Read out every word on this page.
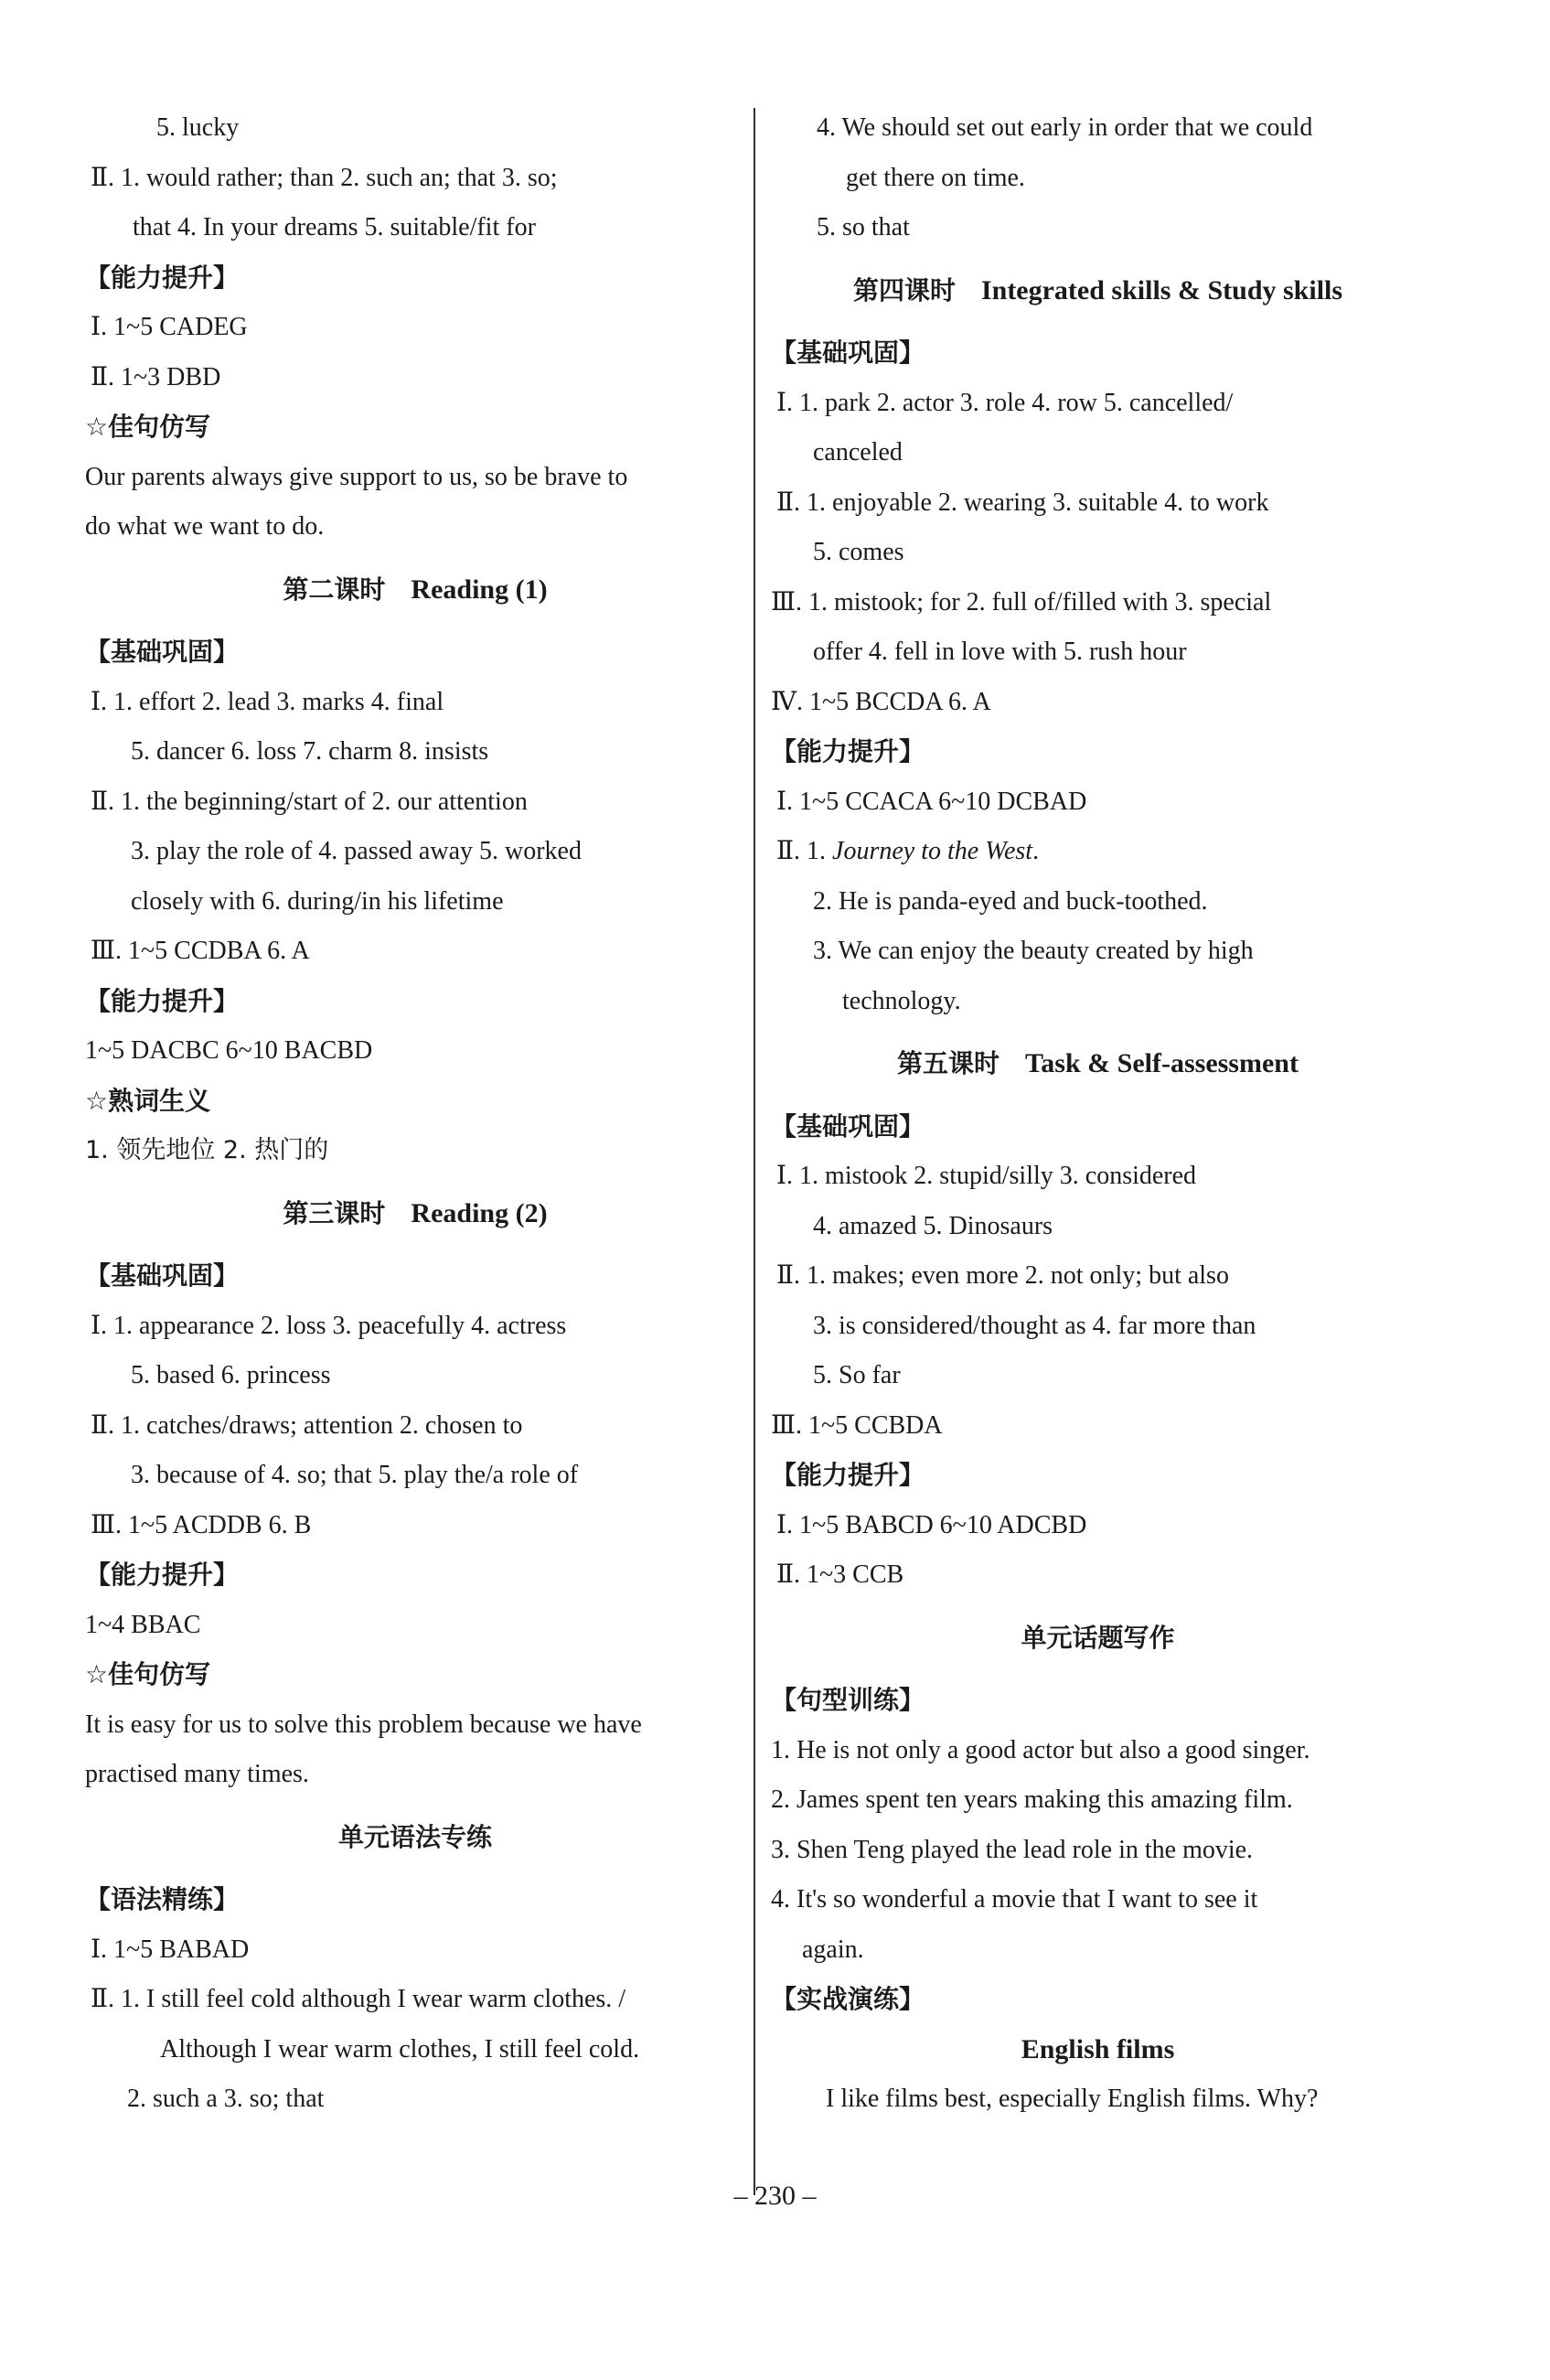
5. lucky
Ⅱ. 1. would rather; than 2. such an; that 3. so;
that 4. In your dreams 5. suitable/fit for
【能力提升】
Ⅰ. 1~5 CADEG
Ⅱ. 1~3 DBD
☆佳句仿写
Our parents always give support to us, so be brave to
do what we want to do.
第二课时 Reading (1)
【基础巩固】
Ⅰ. 1. effort 2. lead 3. marks 4. final
5. dancer 6. loss 7. charm 8. insists
Ⅱ. 1. the beginning/start of 2. our attention
3. play the role of 4. passed away 5. worked
closely with 6. during/in his lifetime
Ⅲ. 1~5 CCDBA 6. A
【能力提升】
1~5 DACBC 6~10 BACBD
☆熟词生义
1. 领先地位 2. 热门的
第三课时 Reading (2)
【基础巩固】
Ⅰ. 1. appearance 2. loss 3. peacefully 4. actress
5. based 6. princess
Ⅱ. 1. catches/draws; attention 2. chosen to
3. because of 4. so; that 5. play the/a role of
Ⅲ. 1~5 ACDDB 6. B
【能力提升】
1~4 BBAC
☆佳句仿写
It is easy for us to solve this problem because we have
practised many times.
单元语法专练
【语法精练】
Ⅰ. 1~5 BABAD
Ⅱ. 1. I still feel cold although I wear warm clothes. /
Although I wear warm clothes, I still feel cold.
2. such a 3. so; that
4. We should set out early in order that we could
get there on time.
5. so that
第四课时 Integrated skills & Study skills
【基础巩固】
Ⅰ. 1. park 2. actor 3. role 4. row 5. cancelled/
canceled
Ⅱ. 1. enjoyable 2. wearing 3. suitable 4. to work
5. comes
Ⅲ. 1. mistook; for 2. full of/filled with 3. special
offer 4. fell in love with 5. rush hour
Ⅳ. 1~5 BCCDA 6. A
【能力提升】
Ⅰ. 1~5 CCACA 6~10 DCBAD
Ⅱ. 1. Journey to the West.
2. He is panda-eyed and buck-toothed.
3. We can enjoy the beauty created by high
technology.
第五课时 Task & Self-assessment
【基础巩固】
Ⅰ. 1. mistook 2. stupid/silly 3. considered
4. amazed 5. Dinosaurs
Ⅱ. 1. makes; even more 2. not only; but also
3. is considered/thought as 4. far more than
5. So far
Ⅲ. 1~5 CCBDA
【能力提升】
Ⅰ. 1~5 BABCD 6~10 ADCBD
Ⅱ. 1~3 CCB
单元话题写作
【句型训练】
1. He is not only a good actor but also a good singer.
2. James spent ten years making this amazing film.
3. Shen Teng played the lead role in the movie.
4. It's so wonderful a movie that I want to see it
again.
【实战演练】
English films
I like films best, especially English films. Why?
– 230 –
